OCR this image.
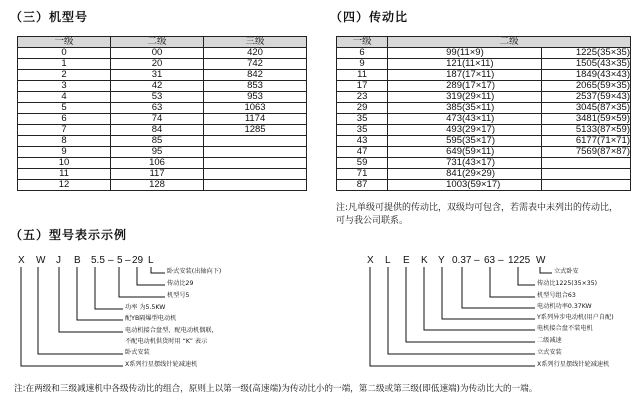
（三）机型号
一级	二级	三级
0	00	420
1	20	742
2	31	842
3	42	853
4	53	953
5	63	1063
6	74	1174
7	84	1285
8	85	
9	95	
10	106	
11	117	
12	128	
（四）传动比
一级	二级	
6	99(11×9)	1225(35×35)
9	121(11×11)	1505(43×35)
11	187(17×11)	1849(43×43)
17	289(17×17)	2065(59×35)
23	319(29×11)	2537(59×43)
29	385(35×11)	3045(87×35)
35	473(43×11)	3481(59×59)
35	493(29×17)	5133(87×59)
43	595(35×17)	6177(71×71)
47	649(59×11)	7569(87×87)
59	731(43×17)	
71	841(29×29)	
87	1003(59×17)	
注:凡单级可提供的传动比，双级均可包含，若需表中未列出的传动比，可与我公司联系。
（五）型号表示示例
X W J B 5.5 – 5 – 29 L
卧式安装(出轴向下)
传动比29
机型号5
功率 为5.5KW
配YB隔爆型电动机
电动机接合盘型，配电动机偶联，
不配电动机供货时用 “K” 表示
卧式安装
X系列行星摆线针轮减速机
X L E K Y 0.37 – 63 – 1225 W
立式卧安
传动比1225(35×35)
机型号组合63
电动机功率0.37KW
Y系列异步电动机(用户自配)
电机接合盘不装电机
二级减速
立式安装
X系列行星摆线针轮减速机
注:在两级和三级减速机中各级传动比的组合，原则上以第一级(高速端)为传动比小的一端，第二级或第三级(即低速端)为传动比大的一端。
